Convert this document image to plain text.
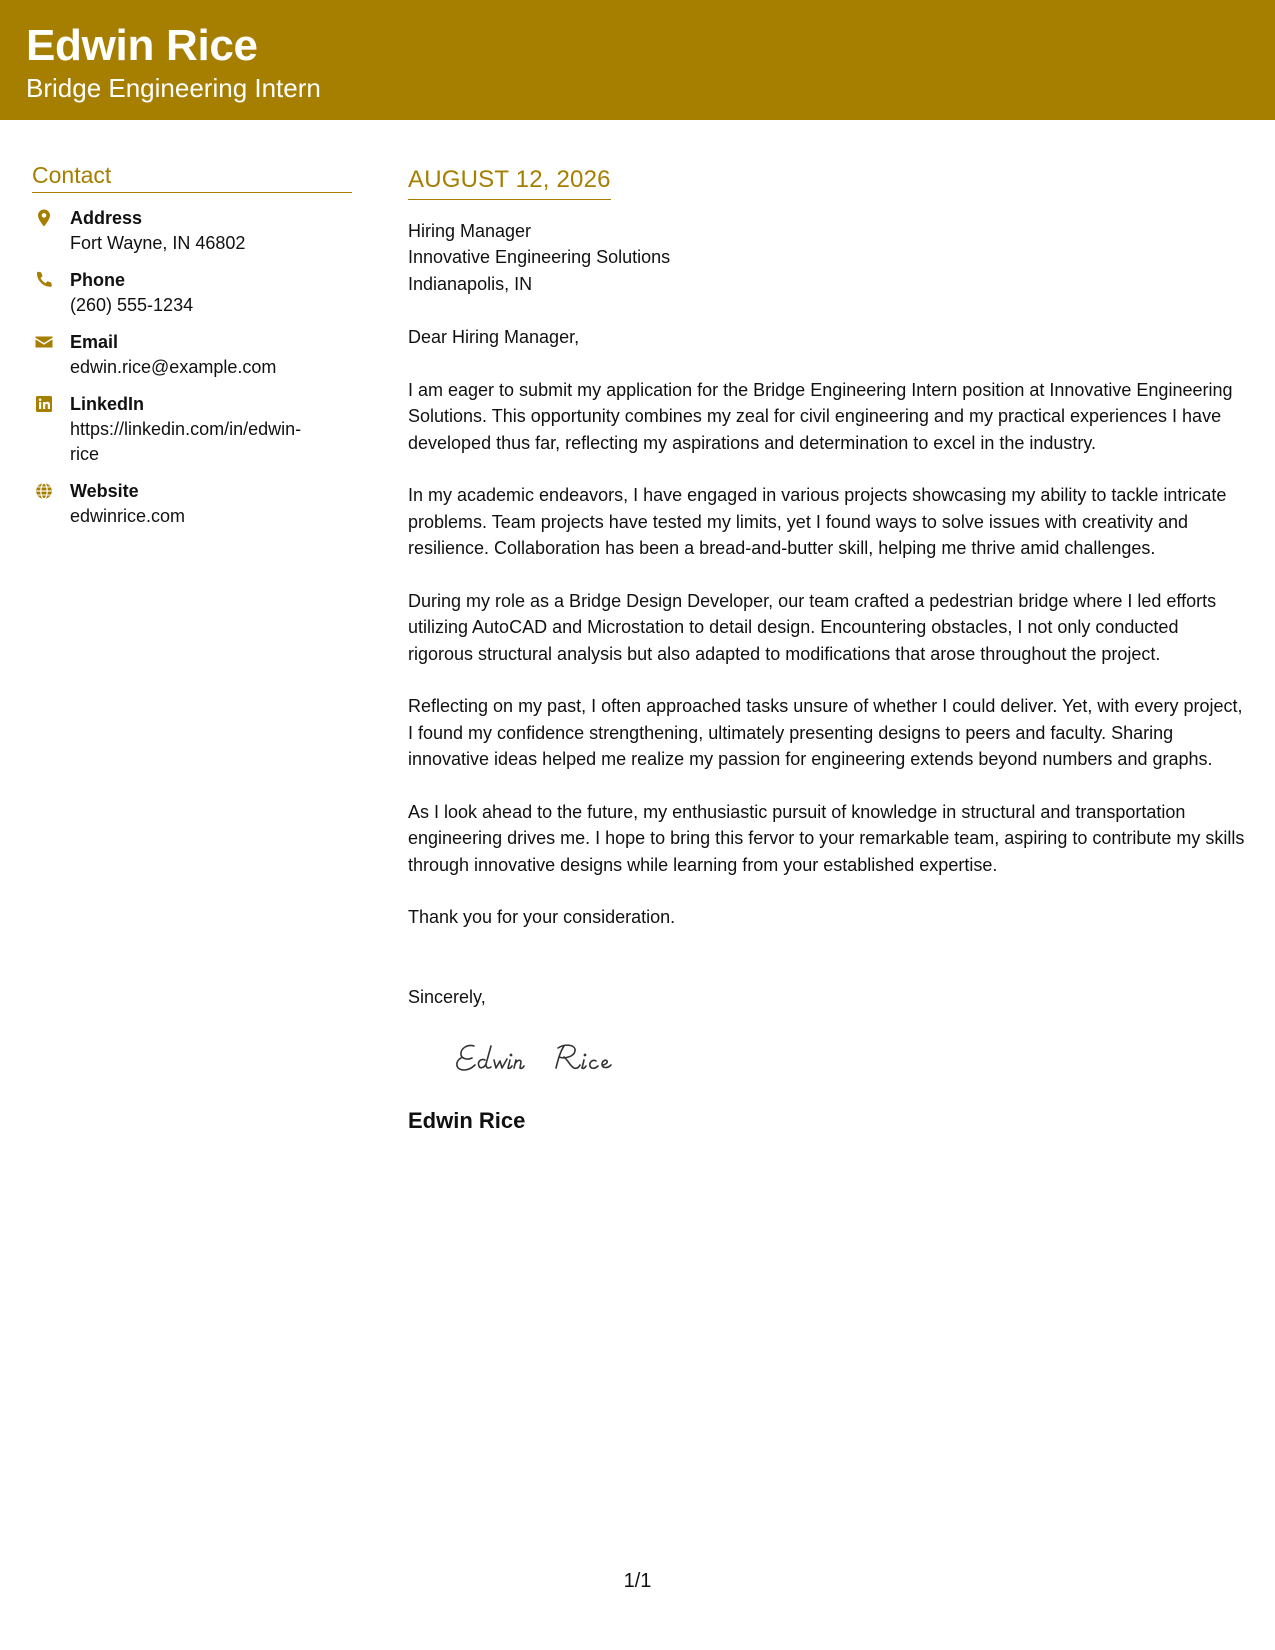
Edwin Rice
Bridge Engineering Intern
Contact
Address
Fort Wayne, IN 46802
Phone
(260) 555-1234
Email
edwin.rice@example.com
LinkedIn
https://linkedin.com/in/edwin-rice
Website
edwinrice.com
AUGUST 12, 2026
Hiring Manager
Innovative Engineering Solutions
Indianapolis, IN
Dear Hiring Manager,
I am eager to submit my application for the Bridge Engineering Intern position at Innovative Engineering Solutions. This opportunity combines my zeal for civil engineering and my practical experiences I have developed thus far, reflecting my aspirations and determination to excel in the industry.
In my academic endeavors, I have engaged in various projects showcasing my ability to tackle intricate problems. Team projects have tested my limits, yet I found ways to solve issues with creativity and resilience. Collaboration has been a bread-and-butter skill, helping me thrive amid challenges.
During my role as a Bridge Design Developer, our team crafted a pedestrian bridge where I led efforts utilizing AutoCAD and Microstation to detail design. Encountering obstacles, I not only conducted rigorous structural analysis but also adapted to modifications that arose throughout the project.
Reflecting on my past, I often approached tasks unsure of whether I could deliver. Yet, with every project, I found my confidence strengthening, ultimately presenting designs to peers and faculty. Sharing innovative ideas helped me realize my passion for engineering extends beyond numbers and graphs.
As I look ahead to the future, my enthusiastic pursuit of knowledge in structural and transportation engineering drives me. I hope to bring this fervor to your remarkable team, aspiring to contribute my skills through innovative designs while learning from your established expertise.
Thank you for your consideration.
Sincerely,
Edwin Rice
1/1
